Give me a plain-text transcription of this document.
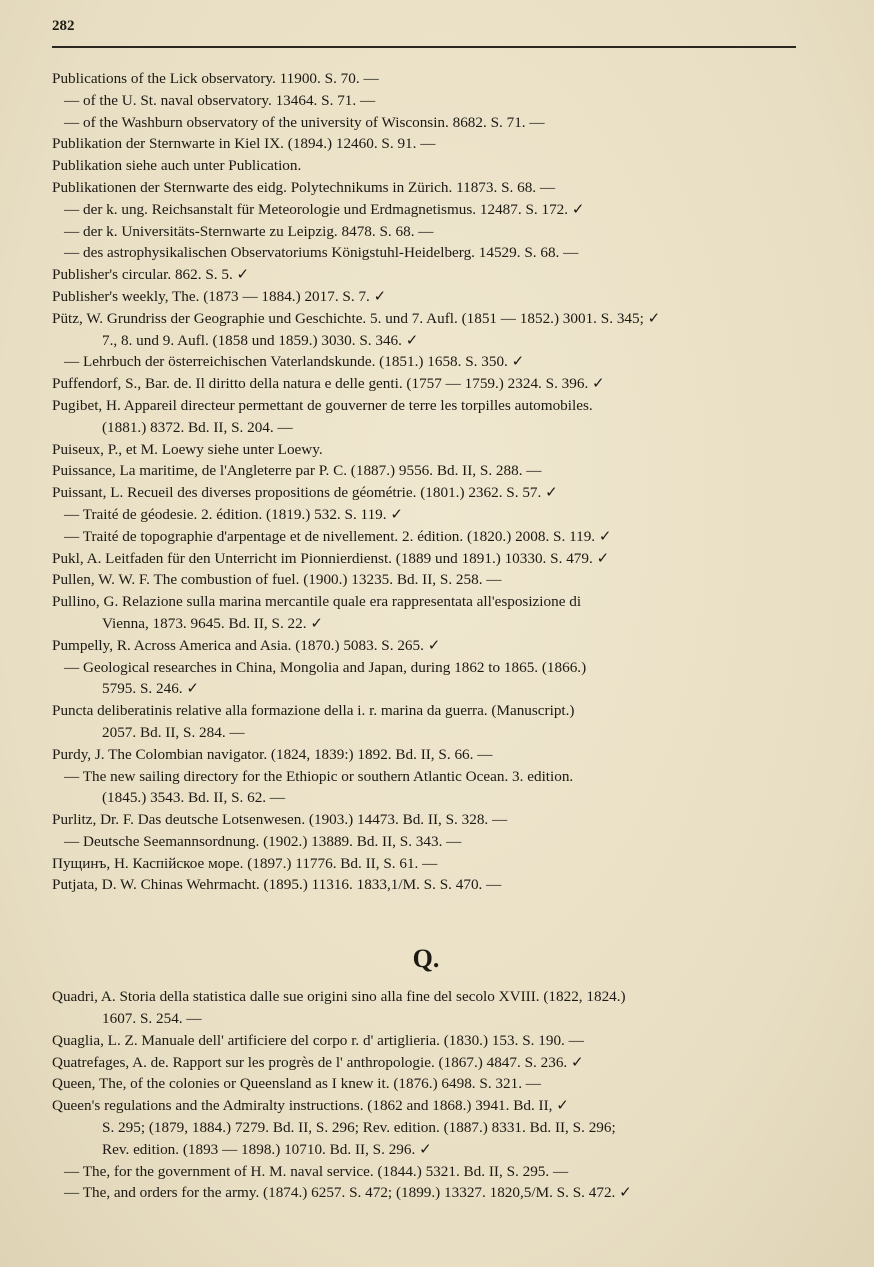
282
Publications of the Lick observatory. 11900. S. 70. —
— of the U. St. naval observatory. 13464. S. 71. —
— of the Washburn observatory of the university of Wisconsin. 8682. S. 71. —
Publikation der Sternwarte in Kiel IX. (1894.) 12460. S. 91. —
Publikation siehe auch unter Publication.
Publikationen der Sternwarte des eidg. Polytechnikums in Zürich. 11873. S. 68. —
— der k. ung. Reichsanstalt für Meteorologie und Erdmagnetismus. 12487. S. 172. ✓
— der k. Universitäts-Sternwarte zu Leipzig. 8478. S. 68. —
— des astrophysikalischen Observatoriums Königstuhl-Heidelberg. 14529. S. 68. —
Publisher's circular. 862. S. 5. ✓
Publisher's weekly, The. (1873 — 1884.) 2017. S. 7. ✓
Pütz, W. Grundriss der Geographie und Geschichte. 5. und 7. Aufl. (1851 — 1852.) 3001. S. 345; ✓
7., 8. und 9. Aufl. (1858 und 1859.) 3030. S. 346. ✓
— Lehrbuch der österreichischen Vaterlandskunde. (1851.) 1658. S. 350. ✓
Puffendorf, S., Bar. de. Il diritto della natura e delle genti. (1757 — 1759.) 2324. S. 396. ✓
Pugibet, H. Appareil directeur permettant de gouverner de terre les torpilles automobiles.
(1881.) 8372. Bd. II, S. 204. —
Puiseux, P., et M. Loewy siehe unter Loewy.
Puissance, La maritime, de l'Angleterre par P. C. (1887.) 9556. Bd. II, S. 288. —
Puissant, L. Recueil des diverses propositions de géométrie. (1801.) 2362. S. 57. ✓
— Traité de géodesie. 2. édition. (1819.) 532. S. 119. ✓
— Traité de topographie d'arpentage et de nivellement. 2. édition. (1820.) 2008. S. 119. ✓
Pukl, A. Leitfaden für den Unterricht im Pionnierdienst. (1889 und 1891.) 10330. S. 479. ✓
Pullen, W. W. F. The combustion of fuel. (1900.) 13235. Bd. II, S. 258. —
Pullino, G. Relazione sulla marina mercantile quale era rappresentata all'esposizione di
Vienna, 1873. 9645. Bd. II, S. 22. ✓
Pumpelly, R. Across America and Asia. (1870.) 5083. S. 265. ✓
— Geological researches in China, Mongolia and Japan, during 1862 to 1865. (1866.)
5795. S. 246. ✓
Puncta deliberatinis relative alla formazione della i. r. marina da guerra. (Manuscript.)
2057. Bd. II, S. 284. —
Purdy, J. The Colombian navigator. (1824, 1839:) 1892. Bd. II, S. 66. —
— The new sailing directory for the Ethiopic or southern Atlantic Ocean. 3. edition.
(1845.) 3543. Bd. II, S. 62. —
Purlitz, Dr. F. Das deutsche Lotsenwesen. (1903.) 14473. Bd. II, S. 328. —
— Deutsche Seemannsordnung. (1902.) 13889. Bd. II, S. 343. —
Пущинъ, Н. Каспійское море. (1897.) 11776. Bd. II, S. 61. —
Putjata, D. W. Chinas Wehrmacht. (1895.) 11316. 1833,1/M. S. S. 470. —
Q.
Quadri, A. Storia della statistica dalle sue origini sino alla fine del secolo XVIII. (1822, 1824.)
1607. S. 254. —
Quaglia, L. Z. Manuale dell' artificiere del corpo r. d' artiglieria. (1830.) 153. S. 190. —
Quatrefages, A. de. Rapport sur les progrès de l' anthropologie. (1867.) 4847. S. 236. ✓
Queen, The, of the colonies or Queensland as I knew it. (1876.) 6498. S. 321. —
Queen's regulations and the Admiralty instructions. (1862 and 1868.) 3941. Bd. II, ✓
S. 295; (1879, 1884.) 7279. Bd. II, S. 296; Rev. edition. (1887.) 8331. Bd. II, S. 296;
Rev. edition. (1893 — 1898.) 10710. Bd. II, S. 296. ✓
— The, for the government of H. M. naval service. (1844.) 5321. Bd. II, S. 295. —
— The, and orders for the army. (1874.) 6257. S. 472; (1899.) 13327. 1820,5/M. S. S. 472. ✓
